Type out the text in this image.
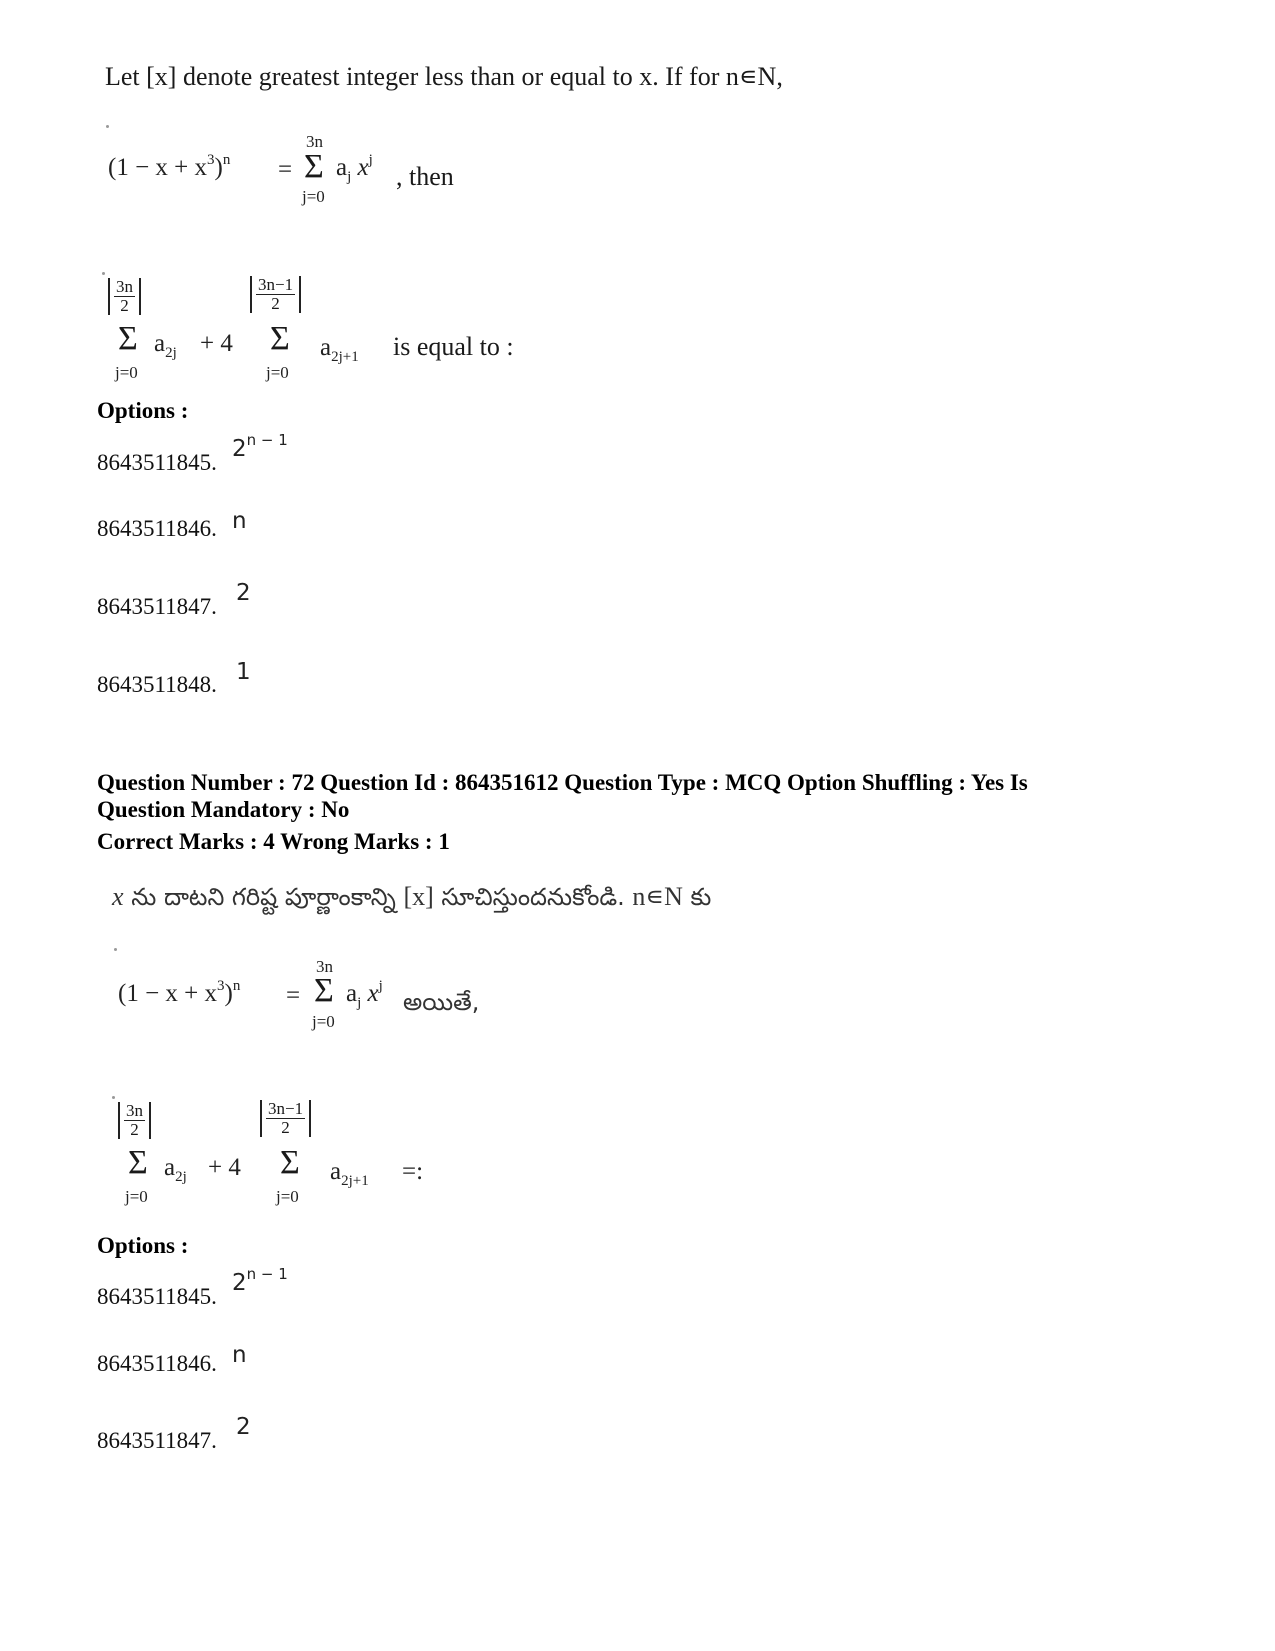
Let [x] denote greatest integer less than or equal to x. If for n∊N,
$(1 - x + x^3)^n$ =
3n
Σ
j=0
$a_j$ $x^j$
, then
$\frac{3n}{2}$
Σ
j=0
$a_{2j} + 4$
$\frac{3n-1}{2}$
Σ
j=0
$a_{2j+1}$ is equal to :
Options :
8643511845.
$2^{n - 1}$
8643511846. n
8643511847.
2
8643511848. 1
Question Number : 72 Question Id : 864351612 Question Type : MCQ Option Shuffling : Yes Is
Question Mandatory : No
Correct Marks : 4 Wrong Marks : 1
x ను దాటని గరిష్ట పూర్ణాంకాన్ని [x] సూచిస్తుందనుకోండి. n∊N కు
$(1 - x + x^3)^n$ =
3n
Σ
j=0
$a_j$ $x^j$
అయితే,
$\frac{3n}{2}$
Σ
j=0
$a_{2j} + 4$
$\frac{3n-1}{2}$
Σ
j=0
$a_{2j+1}$ =:
Options :
8643511845.
$2^{n - 1}$
8643511846. n
8643511847.
2
